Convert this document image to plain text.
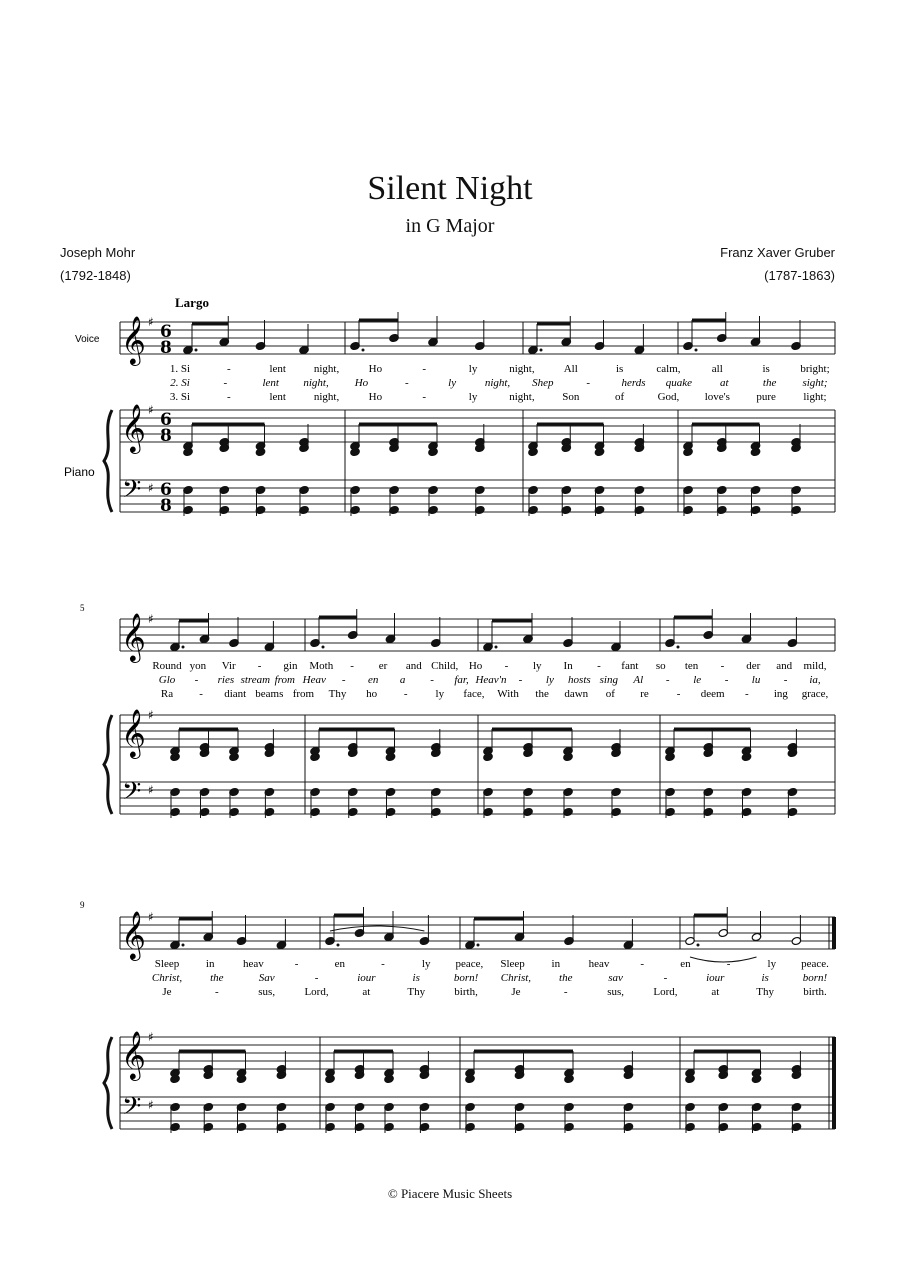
Silent Night
in G Major
Joseph Mohr
(1792-1848)
Franz Xaver Gruber
(1787-1863)
Largo
Voice
Piano
5
9
𝄞
𝄞
𝄢
♯
♯
♯
6
8
6
8
6
8
1. Si	-	lent	night,	Ho	-	ly	night,	All	is	calm,	all	is	bright;
2. Si	-	lent night, Ho	-	ly	night, Shep	-	herds quake	at	the sight;
3. Si	-	lent	night,	Ho	-	ly	night,	Son	of	God, love's pure light;
𝄞
𝄞
𝄢
♯
♯
♯
Round yon Vir - gin Moth - er and Child, Ho - ly In - fant so ten - der and mild,
Glo - ries stream from Heav - en a - far, Heav'n - ly hosts sing Al - le - lu - ia,
Ra - diant beams from Thy ho -	ly face, With the dawn of re	- deem - ing grace,
𝄞
𝄞
𝄢
♯
♯
♯
Sleep in	heav	-	en	-	ly peace, Sleep in	heav	-	en	-	ly peace.
Christ,	the	Sav	-	iour	is	born! Christ,	the	sav	-	iour	is	born!
Je	-	sus,	Lord,	at	Thy	birth,	Je	-	sus,	Lord,	at	Thy	birth.
© Piacere Music Sheets
